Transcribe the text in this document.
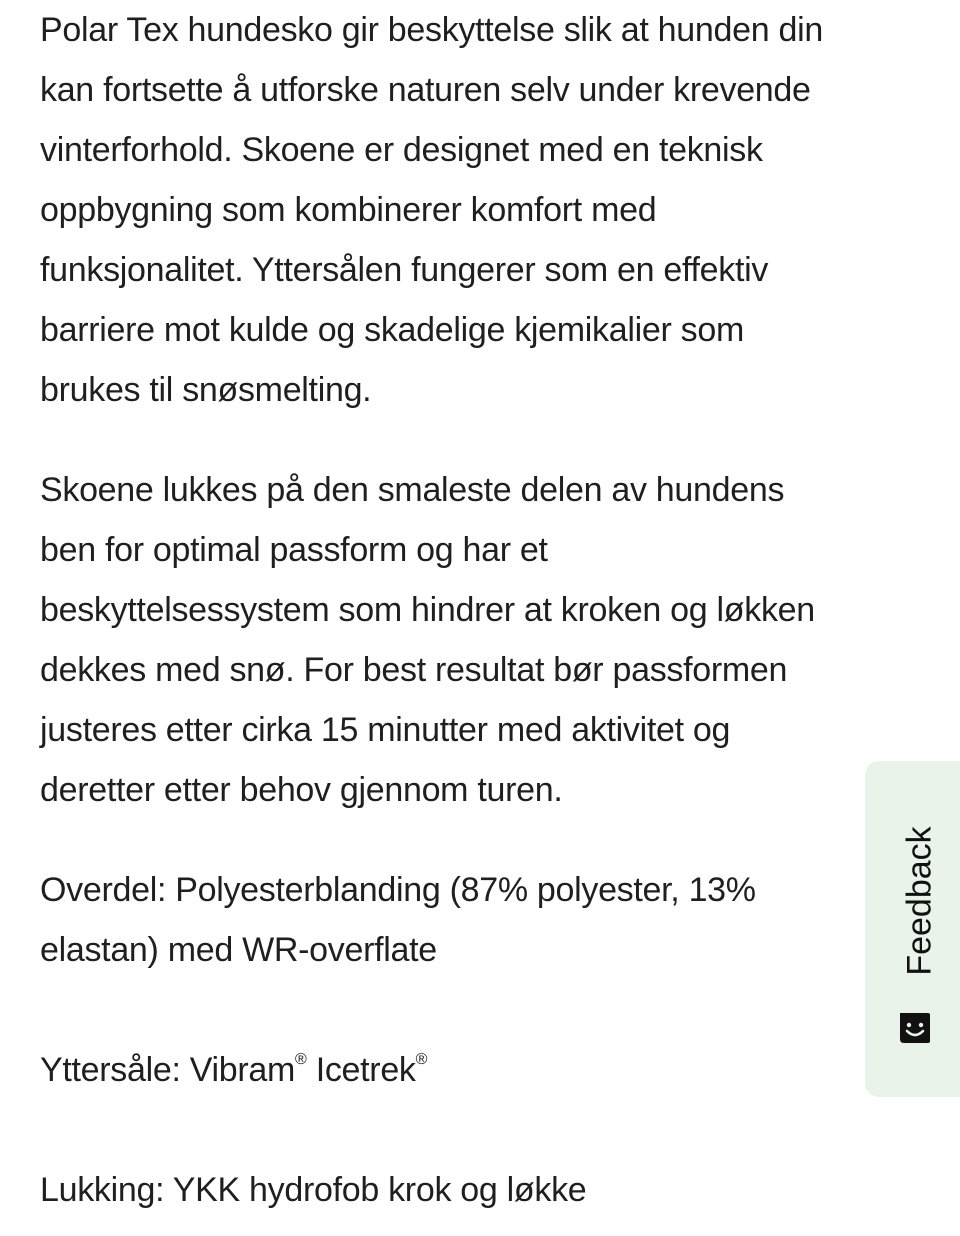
Polar Tex hundesko gir beskyttelse slik at hunden din
kan fortsette å utforske naturen selv under krevende
vinterforhold. Skoene er designet med en teknisk
oppbygning som kombinerer komfort med
funksjonalitet. Yttersålen fungerer som en effektiv
barriere mot kulde og skadelige kjemikalier som
brukes til snøsmelting.

Skoene lukkes på den smaleste delen av hundens
ben for optimal passform og har et
beskyttelsessystem som hindrer at kroken og løkken
dekkes med snø. For best resultat bør passformen
justeres etter cirka 15 minutter med aktivitet og
deretter etter behov gjennom turen.

Overdel: Polyesterblanding (87% polyester, 13%
elastan) med WR-overflate

Yttersåle: Vibram® Icetrek®

Lukking: YKK hydrofob krok og løkke

Feedback
